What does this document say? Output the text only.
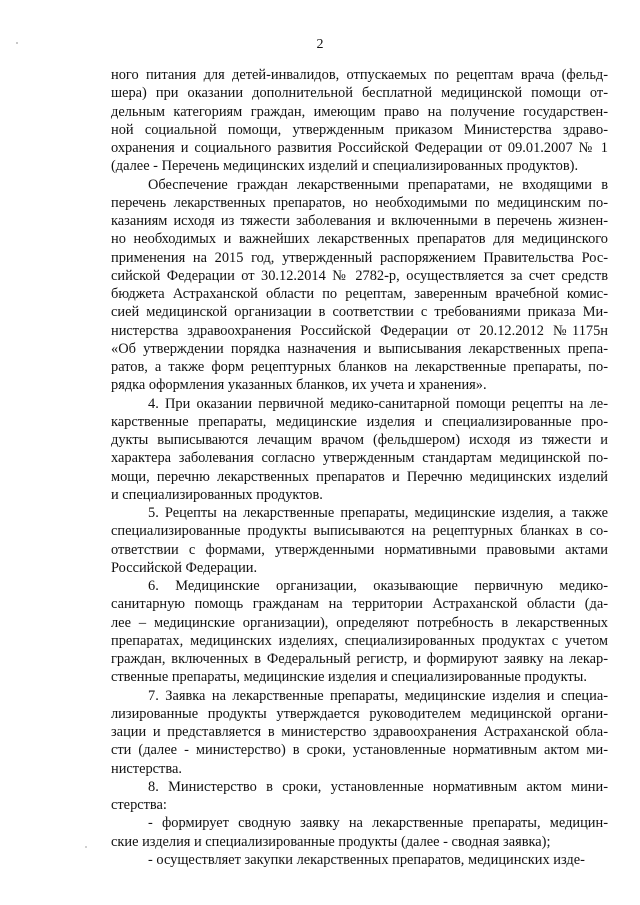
2
ного питания для детей-инвалидов, отпускаемых по рецептам врача (фельд-
шера) при оказании дополнительной бесплатной медицинской помощи от-
дельным категориям граждан, имеющим право на получение государствен-
ной социальной помощи, утвержденным приказом Министерства здраво-
охранения и социального развития Российской Федерации от 09.01.2007 № 1
(далее - Перечень медицинских изделий и специализированных продуктов).
Обеспечение граждан лекарственными препаратами, не входящими в
перечень лекарственных препаратов, но необходимыми по медицинским по-
казаниям исходя из тяжести заболевания и включенными в перечень жизнен-
но необходимых и важнейших лекарственных препаратов для медицинского
применения на 2015 год, утвержденный распоряжением Правительства Рос-
сийской Федерации от 30.12.2014 № 2782-р, осуществляется за счет средств
бюджета Астраханской области по рецептам, заверенным врачебной комис-
сией медицинской организации в соответствии с требованиями приказа Ми-
нистерства здравоохранения Российской Федерации от 20.12.2012 №1175н
«Об утверждении порядка назначения и выписывания лекарственных препа-
ратов, а также форм рецептурных бланков на лекарственные препараты, по-
рядка оформления указанных бланков, их учета и хранения».
4. При оказании первичной медико-санитарной помощи рецепты на ле-
карственные препараты, медицинские изделия и специализированные про-
дукты выписываются лечащим врачом (фельдшером) исходя из тяжести и
характера заболевания согласно утвержденным стандартам медицинской по-
мощи, перечню лекарственных препаратов и Перечню медицинских изделий
и специализированных продуктов.
5. Рецепты на лекарственные препараты, медицинские изделия, а также
специализированные продукты выписываются на рецептурных бланках в со-
ответствии с формами, утвержденными нормативными правовыми актами
Российской Федерации.
6. Медицинские организации, оказывающие первичную медико-
санитарную помощь гражданам на территории Астраханской области (да-
лее – медицинские организации), определяют потребность в лекарственных
препаратах, медицинских изделиях, специализированных продуктах с учетом
граждан, включенных в Федеральный регистр, и формируют заявку на лекар-
ственные препараты, медицинские изделия и специализированные продукты.
7. Заявка на лекарственные препараты, медицинские изделия и специа-
лизированные продукты утверждается руководителем медицинской органи-
зации и представляется в министерство здравоохранения Астраханской обла-
сти (далее - министерство) в сроки, установленные нормативным актом ми-
нистерства.
8. Министерство в сроки, установленные нормативным актом мини-
стерства:
- формирует сводную заявку на лекарственные препараты, медицин-
ские изделия и специализированные продукты (далее - сводная заявка);
- осуществляет закупки лекарственных препаратов, медицинских изде-
